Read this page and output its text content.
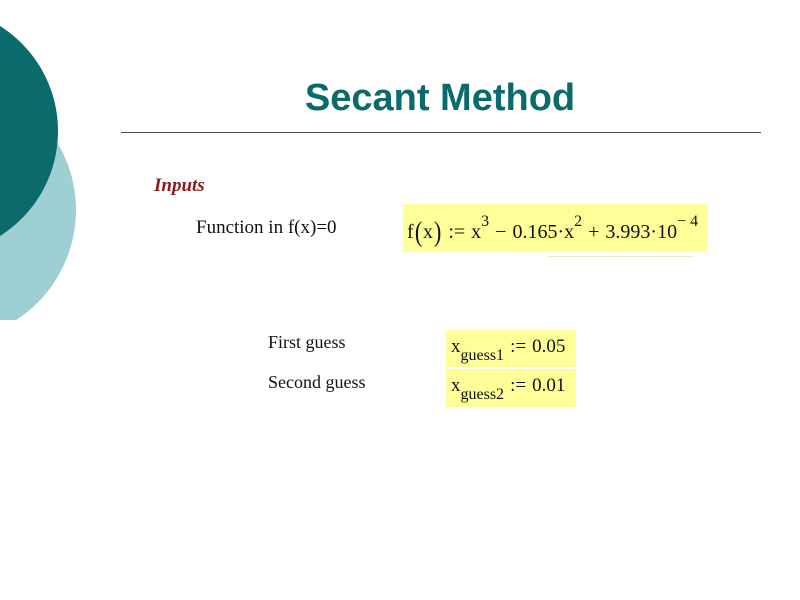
Secant Method
Inputs
Function in f(x)=0	f(x) := $x^3 - 0.165\cdot x^2 + 3.993\cdot 10^{- 4}$
First guess	$x_{guess1}$ := 0.05
Second guess	$x_{guess2}$ := 0.01
